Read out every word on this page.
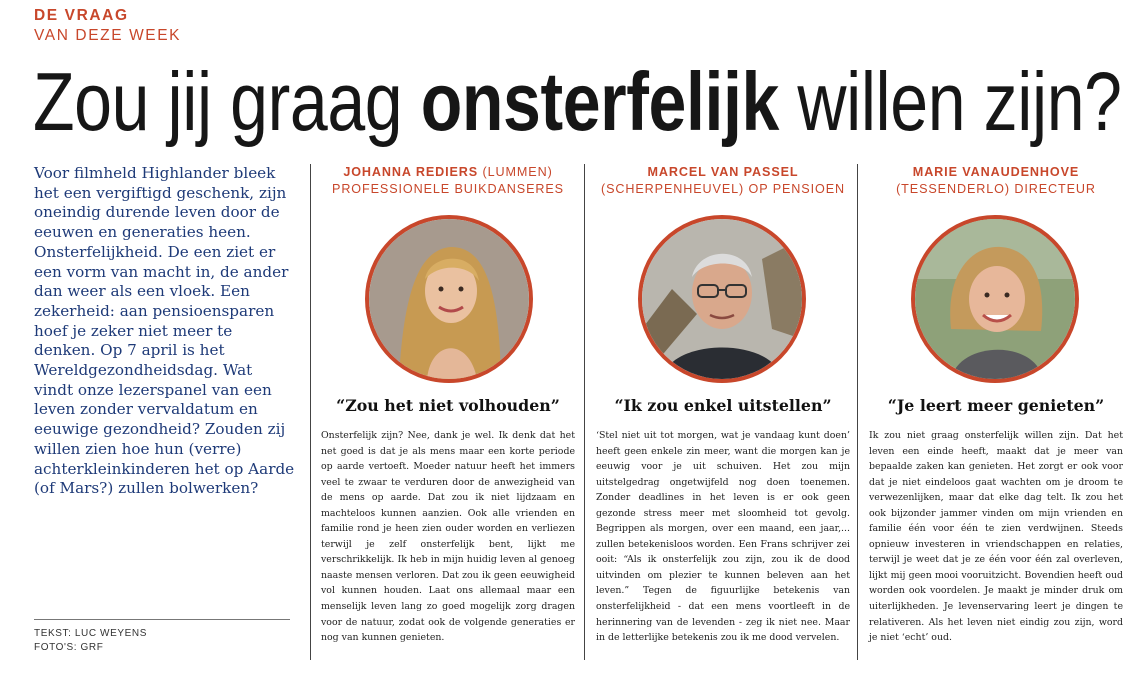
DE VRAAG
VAN DEZE WEEK
Zou jij graag onsterfelijk willen zijn?

Voor filmheld Highlander bleek het een vergiftigd geschenk, zijn oneindig durende leven door de eeuwen en generaties heen. Onsterfelijkheid. De een ziet er een vorm van macht in, de ander dan weer als een vloek. Een zekerheid: aan pensioensparen hoef je zeker niet meer te denken. Op 7 april is het Wereldgezondheidsdag. Wat vindt onze lezerspanel van een leven zonder vervaldatum en eeuwige gezondheid? Zouden zij willen zien hoe hun (verre) achterkleinkinderen het op Aarde (of Mars?) zullen bolwerken?

TEKST: LUC WEYENS
FOTO'S: GRF
JOHANNA REDIERS (LUMMEN)
PROFESSIONELE BUIKDANSERES
“Zou het niet volhouden”

Onsterfelijk zijn? Nee, dank je wel. Ik denk dat het net goed is dat je als mens maar een korte periode op aarde vertoeft. Moeder natuur heeft het immers veel te zwaar te verduren door de anwezigheid van de mens op aarde. Dat zou ik niet lijdzaam en machteloos kunnen aanzien. Ook alle vrienden en familie rond je heen zien ouder worden en verliezen terwijl je zelf onsterfelijk bent, lijkt me verschrikkelijk. Ik heb in mijn huidig leven al genoeg naaste mensen verloren. Dat zou ik geen eeuwigheid vol kunnen houden. Laat ons allemaal maar een menselijk leven lang zo goed mogelijk zorg dragen voor de natuur, zodat ook de volgende generaties er nog van kunnen genieten.

MARCEL VAN PASSEL
(SCHERPENHEUVEL) OP PENSIOEN
“Ik zou enkel uitstellen”

‘Stel niet uit tot morgen, wat je vandaag kunt doen’ heeft geen enkele zin meer, want die morgen kan je eeuwig voor je uit schuiven. Het zou mijn uitstelgedrag ongetwijfeld nog doen toenemen. Zonder deadlines in het leven is er ook geen gezonde stress meer met sloomheid tot gevolg. Begrippen als morgen, over een maand, een jaar,... zullen betekenisloos worden. Een Frans schrijver zei ooit: “Als ik onsterfelijk zou zijn, zou ik de dood uitvinden om plezier te kunnen beleven aan het leven.” Tegen de figuurlijke betekenis van onsterfelijkheid - dat een mens voortleeft in de herinnering van de levenden - zeg ik niet nee. Maar in de letterlijke betekenis zou ik me dood vervelen.

MARIE VANAUDENHOVE
(TESSENDERLO) DIRECTEUR
“Je leert meer genieten”

Ik zou niet graag onsterfelijk willen zijn. Dat het leven een einde heeft, maakt dat je meer van bepaalde zaken kan genieten. Het zorgt er ook voor dat je niet eindeloos gaat wachten om je droom te verwezenlijken, maar dat elke dag telt. Ik zou het ook bijzonder jammer vinden om mijn vrienden en familie één voor één te zien verdwijnen. Steeds opnieuw investeren in vriendschappen en relaties, terwijl je weet dat je ze één voor één zal overleven, lijkt mij geen mooi vooruitzicht. Bovendien heeft oud worden ook voordelen. Je maakt je minder druk om uiterlijkheden. Je levenservaring leert je dingen te relativeren. Als het leven niet eindig zou zijn, word je niet ‘echt’ oud.
